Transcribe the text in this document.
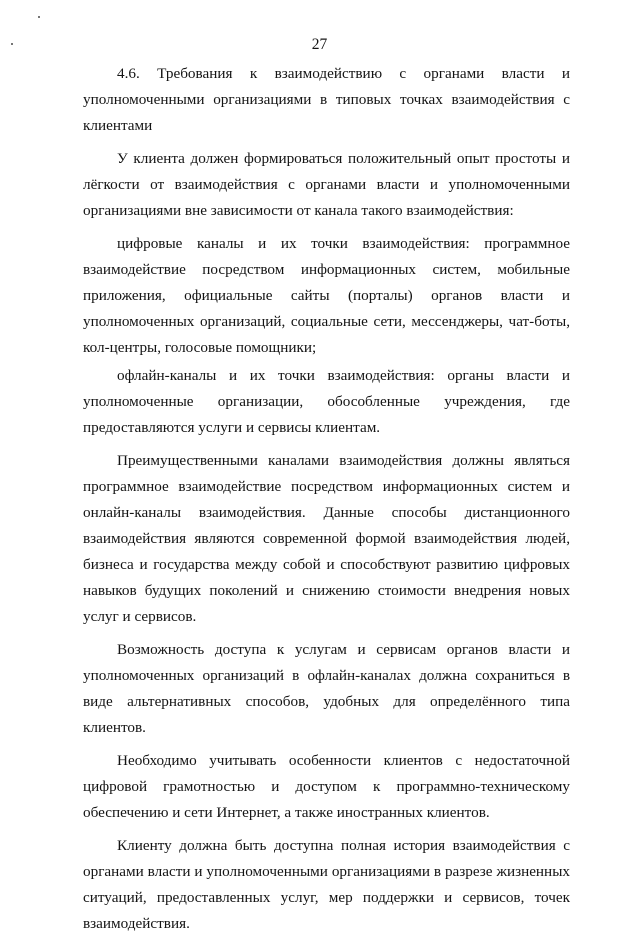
27

4.6. Требования к взаимодействию с органами власти и уполномоченными организациями в типовых точках взаимодействия с клиентами

У клиента должен формироваться положительный опыт простоты и лёгкости от взаимодействия с органами власти и уполномоченными организациями вне зависимости от канала такого взаимодействия:

цифровые каналы и их точки взаимодействия: программное взаимодействие посредством информационных систем, мобильные приложения, официальные сайты (порталы) органов власти и уполномоченных организаций, социальные сети, мессенджеры, чат-боты, кол-центры, голосовые помощники;

офлайн-каналы и их точки взаимодействия: органы власти и уполномоченные организации, обособленные учреждения, где предоставляются услуги и сервисы клиентам.

Преимущественными каналами взаимодействия должны являться программное взаимодействие посредством информационных систем и онлайн-каналы взаимодействия. Данные способы дистанционного взаимодействия являются современной формой взаимодействия людей, бизнеса и государства между собой и способствуют развитию цифровых навыков будущих поколений и снижению стоимости внедрения новых услуг и сервисов.

Возможность доступа к услугам и сервисам органов власти и уполномоченных организаций в офлайн-каналах должна сохраниться в виде альтернативных способов, удобных для определённого типа клиентов.

Необходимо учитывать особенности клиентов с недостаточной цифровой грамотностью и доступом к программно-техническому обеспечению и сети Интернет, а также иностранных клиентов.

Клиенту должна быть доступна полная история взаимодействия с органами власти и уполномоченными организациями в разрезе жизненных ситуаций, предоставленных услуг, мер поддержки и сервисов, точек взаимодействия.
